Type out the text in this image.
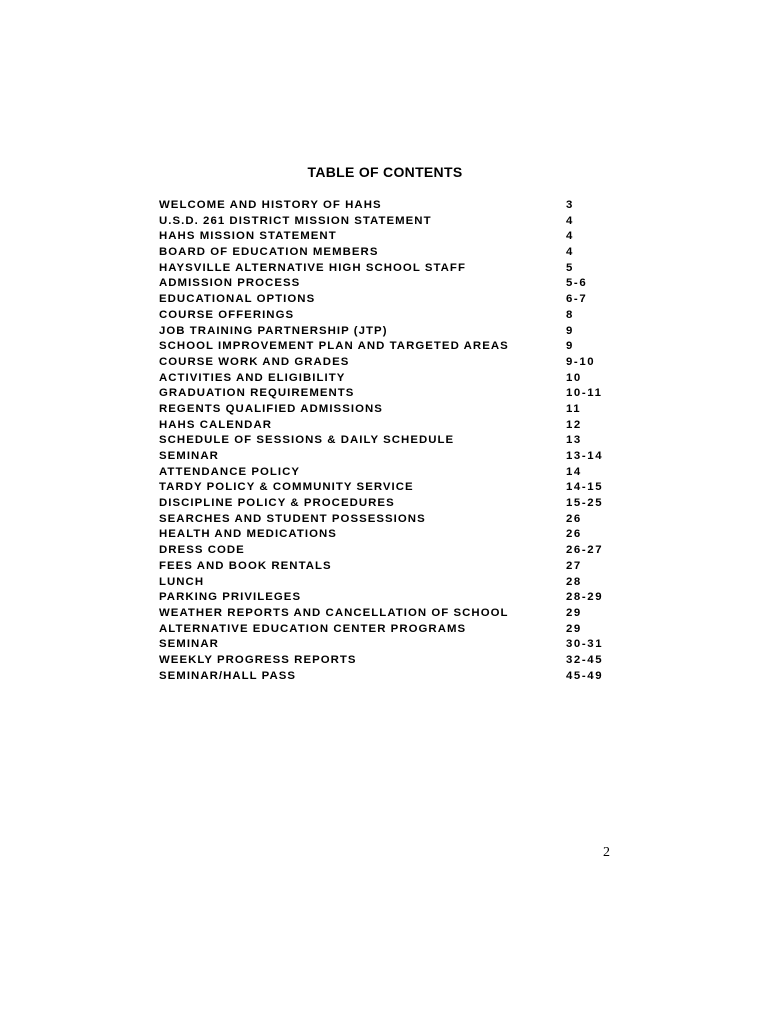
TABLE OF CONTENTS
WELCOME AND HISTORY OF HAHS	3
U.S.D. 261 DISTRICT MISSION STATEMENT	4
HAHS MISSION STATEMENT	4
BOARD OF EDUCATION MEMBERS	4
HAYSVILLE ALTERNATIVE HIGH SCHOOL STAFF	5
ADMISSION PROCESS	5-6
EDUCATIONAL OPTIONS	6-7
COURSE OFFERINGS	8
JOB TRAINING PARTNERSHIP (JTP)	9
SCHOOL IMPROVEMENT PLAN AND TARGETED AREAS	9
COURSE WORK AND GRADES	9-10
ACTIVITIES AND ELIGIBILITY	10
GRADUATION REQUIREMENTS	10-11
REGENTS QUALIFIED ADMISSIONS	11
HAHS CALENDAR	12
SCHEDULE OF SESSIONS & DAILY SCHEDULE	13
SEMINAR	13-14
ATTENDANCE POLICY	14
TARDY POLICY & COMMUNITY SERVICE	14-15
DISCIPLINE POLICY & PROCEDURES	15-25
SEARCHES AND STUDENT POSSESSIONS	26
HEALTH AND MEDICATIONS	26
DRESS CODE	26-27
FEES AND BOOK RENTALS	27
LUNCH	28
PARKING PRIVILEGES	28-29
WEATHER REPORTS AND CANCELLATION OF SCHOOL	29
ALTERNATIVE EDUCATION CENTER PROGRAMS	29
SEMINAR	30-31
WEEKLY PROGRESS REPORTS	32-45
SEMINAR/HALL PASS	45-49

2
